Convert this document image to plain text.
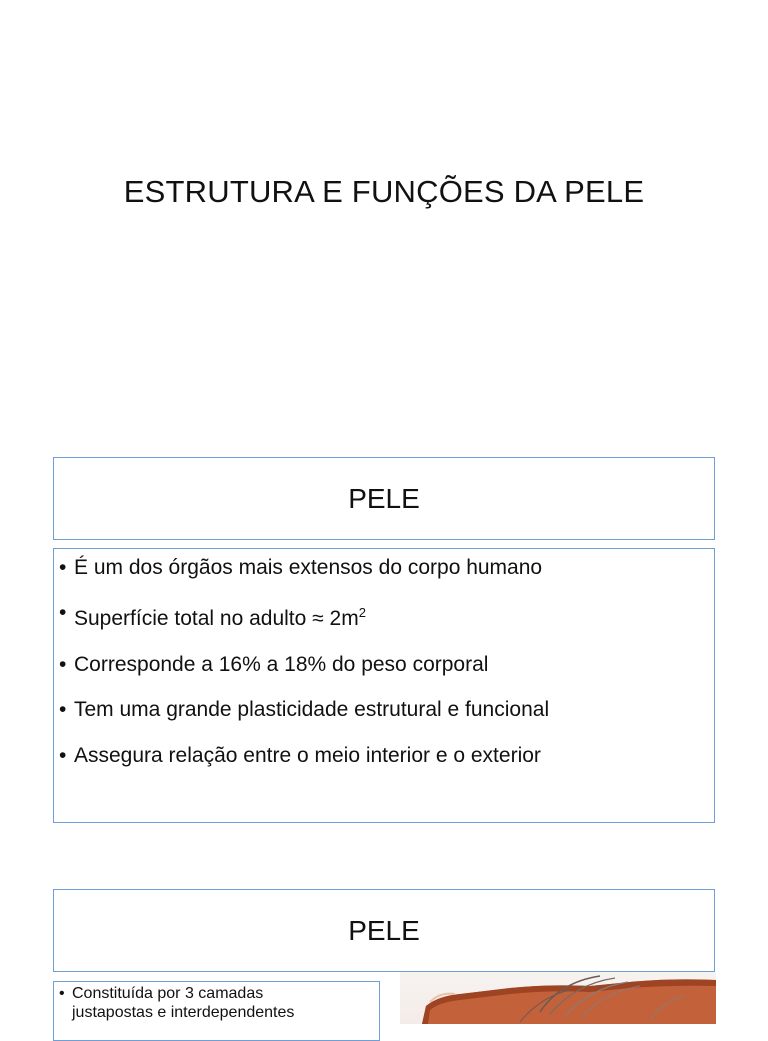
ESTRUTURA E FUNÇÕES DA PELE
PELE
• É um dos órgãos mais extensos do corpo humano
• Superfície total no adulto ≈ $2m^2$
• Corresponde a 16% a 18% do peso corporal
• Tem uma grande plasticidade estrutural e funcional
• Assegura relação entre o meio interior e o exterior
PELE
• Constituída por 3 camadas
justapostas e interdependentes
